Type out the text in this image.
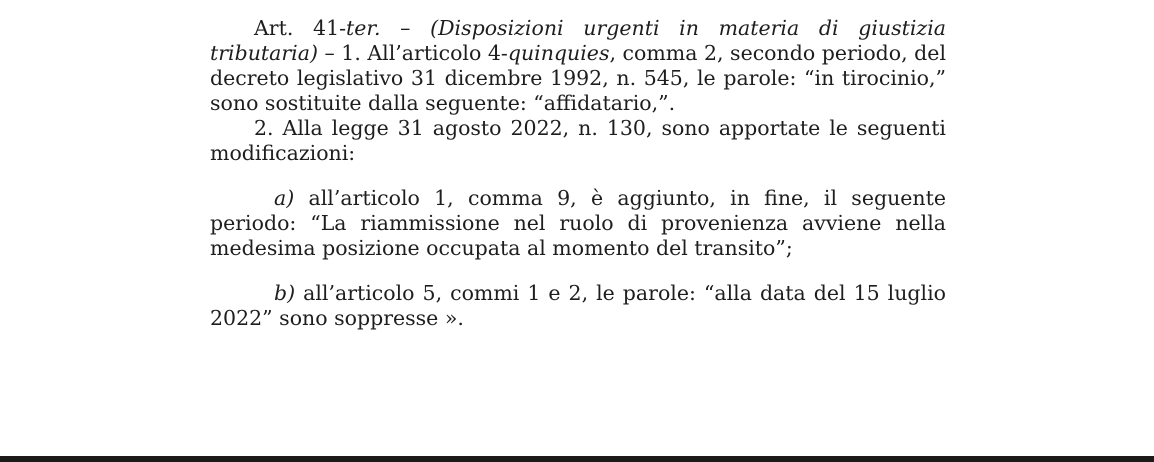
Art. 41-ter. – (Disposizioni urgenti in materia di giustizia tributaria) – 1. All’articolo 4-quinquies, comma 2, secondo periodo, del decreto legislativo 31 dicembre 1992, n. 545, le parole: “in tirocinio,” sono sostituite dalla seguente: “affidatario,”.

2. Alla legge 31 agosto 2022, n. 130, sono apportate le seguenti modificazioni:

a) all’articolo 1, comma 9, è aggiunto, in fine, il seguente periodo: “La riammissione nel ruolo di provenienza avviene nella medesima posizione occupata al momento del transito”;

b) all’articolo 5, commi 1 e 2, le parole: “alla data del 15 luglio 2022” sono soppresse ».
